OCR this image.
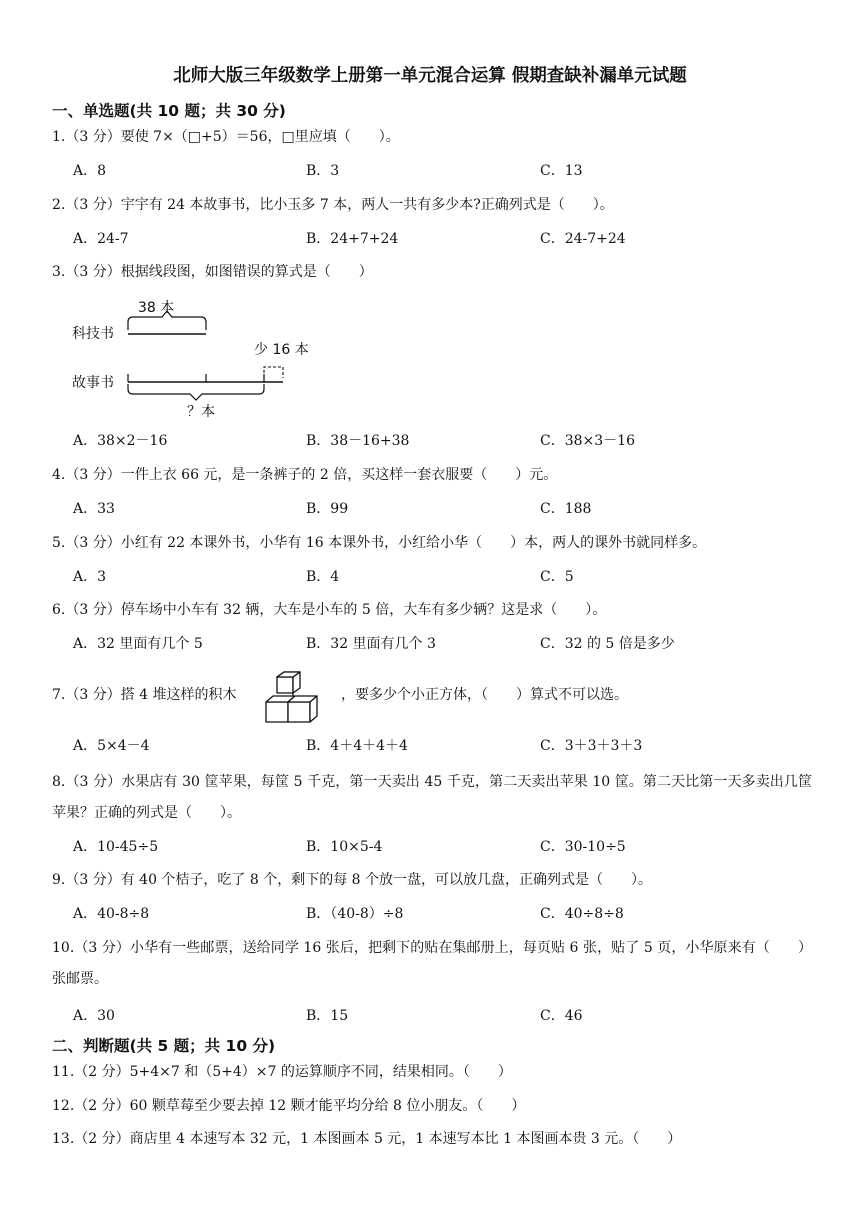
北师大版三年级数学上册第一单元混合运算 假期查缺补漏单元试题
一、单选题(共 10 题；共 30 分)
1.（3 分）要使 7×（□+5）＝56，□里应填（　　）。
A．8	B．3	C．13
2.（3 分）宇宇有 24 本故事书，比小玉多 7 本，两人一共有多少本?正确列式是（　　）。
A．24-7	B．24+7+24	C．24-7+24
3.（3 分）根据线段图，如图错误的算式是（　　）
38 本
科技书
少 16 本
故事书
？本
A．38×2－16	B．38－16+38	C．38×3－16
4.（3 分）一件上衣 66 元，是一条裤子的 2 倍，买这样一套衣服要（　　）元。
A．33	B．99	C．188
5.（3 分）小红有 22 本课外书，小华有 16 本课外书，小红给小华（　　）本，两人的课外书就同样多。
A．3	B．4	C．5
6.（3 分）停车场中小车有 32 辆，大车是小车的 5 倍，大车有多少辆？这是求（　　）。
A．32 里面有几个 5	B．32 里面有几个 3	C．32 的 5 倍是多少
7.（3 分）搭 4 堆这样的积木	，要多少个小正方体，（　　）算式不可以选。
A．5×4－4	B．4＋4＋4＋4	C．3＋3＋3＋3
8.（3 分）水果店有 30 筐苹果，每筐 5 千克，第一天卖出 45 千克，第二天卖出苹果 10 筐。第二天比第一天多卖出几筐苹果？正确的列式是（　　）。
A．10-45÷5	B．10×5-4	C．30-10÷5
9.（3 分）有 40 个桔子，吃了 8 个，剩下的每 8 个放一盘，可以放几盘，正确列式是（　　）。
A．40-8÷8	B．（40-8）÷8	C．40÷8÷8
10.（3 分）小华有一些邮票，送给同学 16 张后，把剩下的贴在集邮册上，每页贴 6 张，贴了 5 页，小华原来有（　　）张邮票。
A．30	B．15	C．46
二、判断题(共 5 题；共 10 分)
11.（2 分）5+4×7 和（5+4）×7 的运算顺序不同，结果相同。（　　）
12.（2 分）60 颗草莓至少要去掉 12 颗才能平均分给 8 位小朋友。（　　）
13.（2 分）商店里 4 本速写本 32 元，1 本图画本 5 元，1 本速写本比 1 本图画本贵 3 元。（　　）
